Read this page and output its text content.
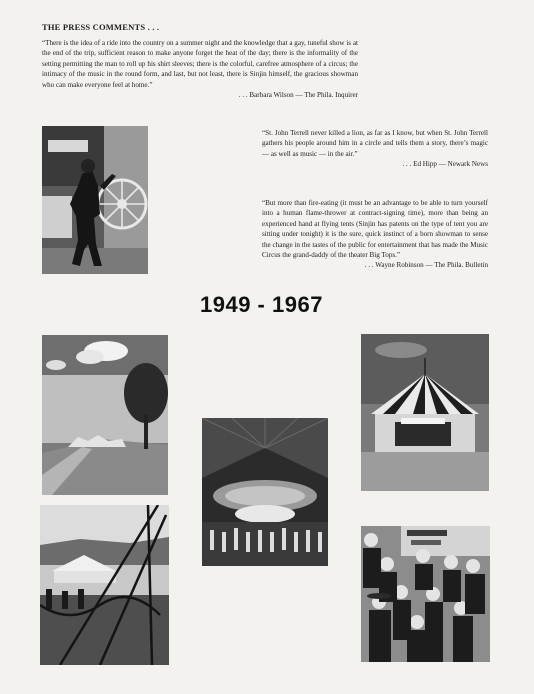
THE PRESS COMMENTS . . .
“There is the idea of a ride into the country on a summer night and the knowledge that a gay, tuneful show is at the end of the trip, sufficient reason to make anyone forget the heat of the day; there is the informality of the setting permitting the man to roll up his shirt sleeves; there is the colorful, carefree atmosphere of a circus; the intimacy of the music in the round form, and last, but not least, there is Sinjin himself, the gracious showman who can make everyone feel at home.”
. . . Barbara Wilson — The Phila. Inquirer
“St. John Terrell never killed a lion, as far as I know, but when St. John Terrell gathers his people around him in a circle and tells them a story, there’s magic — as well as music — in the air.”
. . . Ed Hipp — Newark News
“But more than fire-eating (it must be an advantage to be able to turn yourself into a human flame-thrower at contract-signing time), more than being an experienced hand at flying tents (Sinjin has patents on the type of tent you are sitting under tonight) it is the sure, quick instinct of a born showman to sense the change in the tastes of the public for entertainment that has made the Music Circus the grand-daddy of the theater Big Tops.”
. . . Wayne Robinson — The Phila. Bulletin
1949 - 1967
